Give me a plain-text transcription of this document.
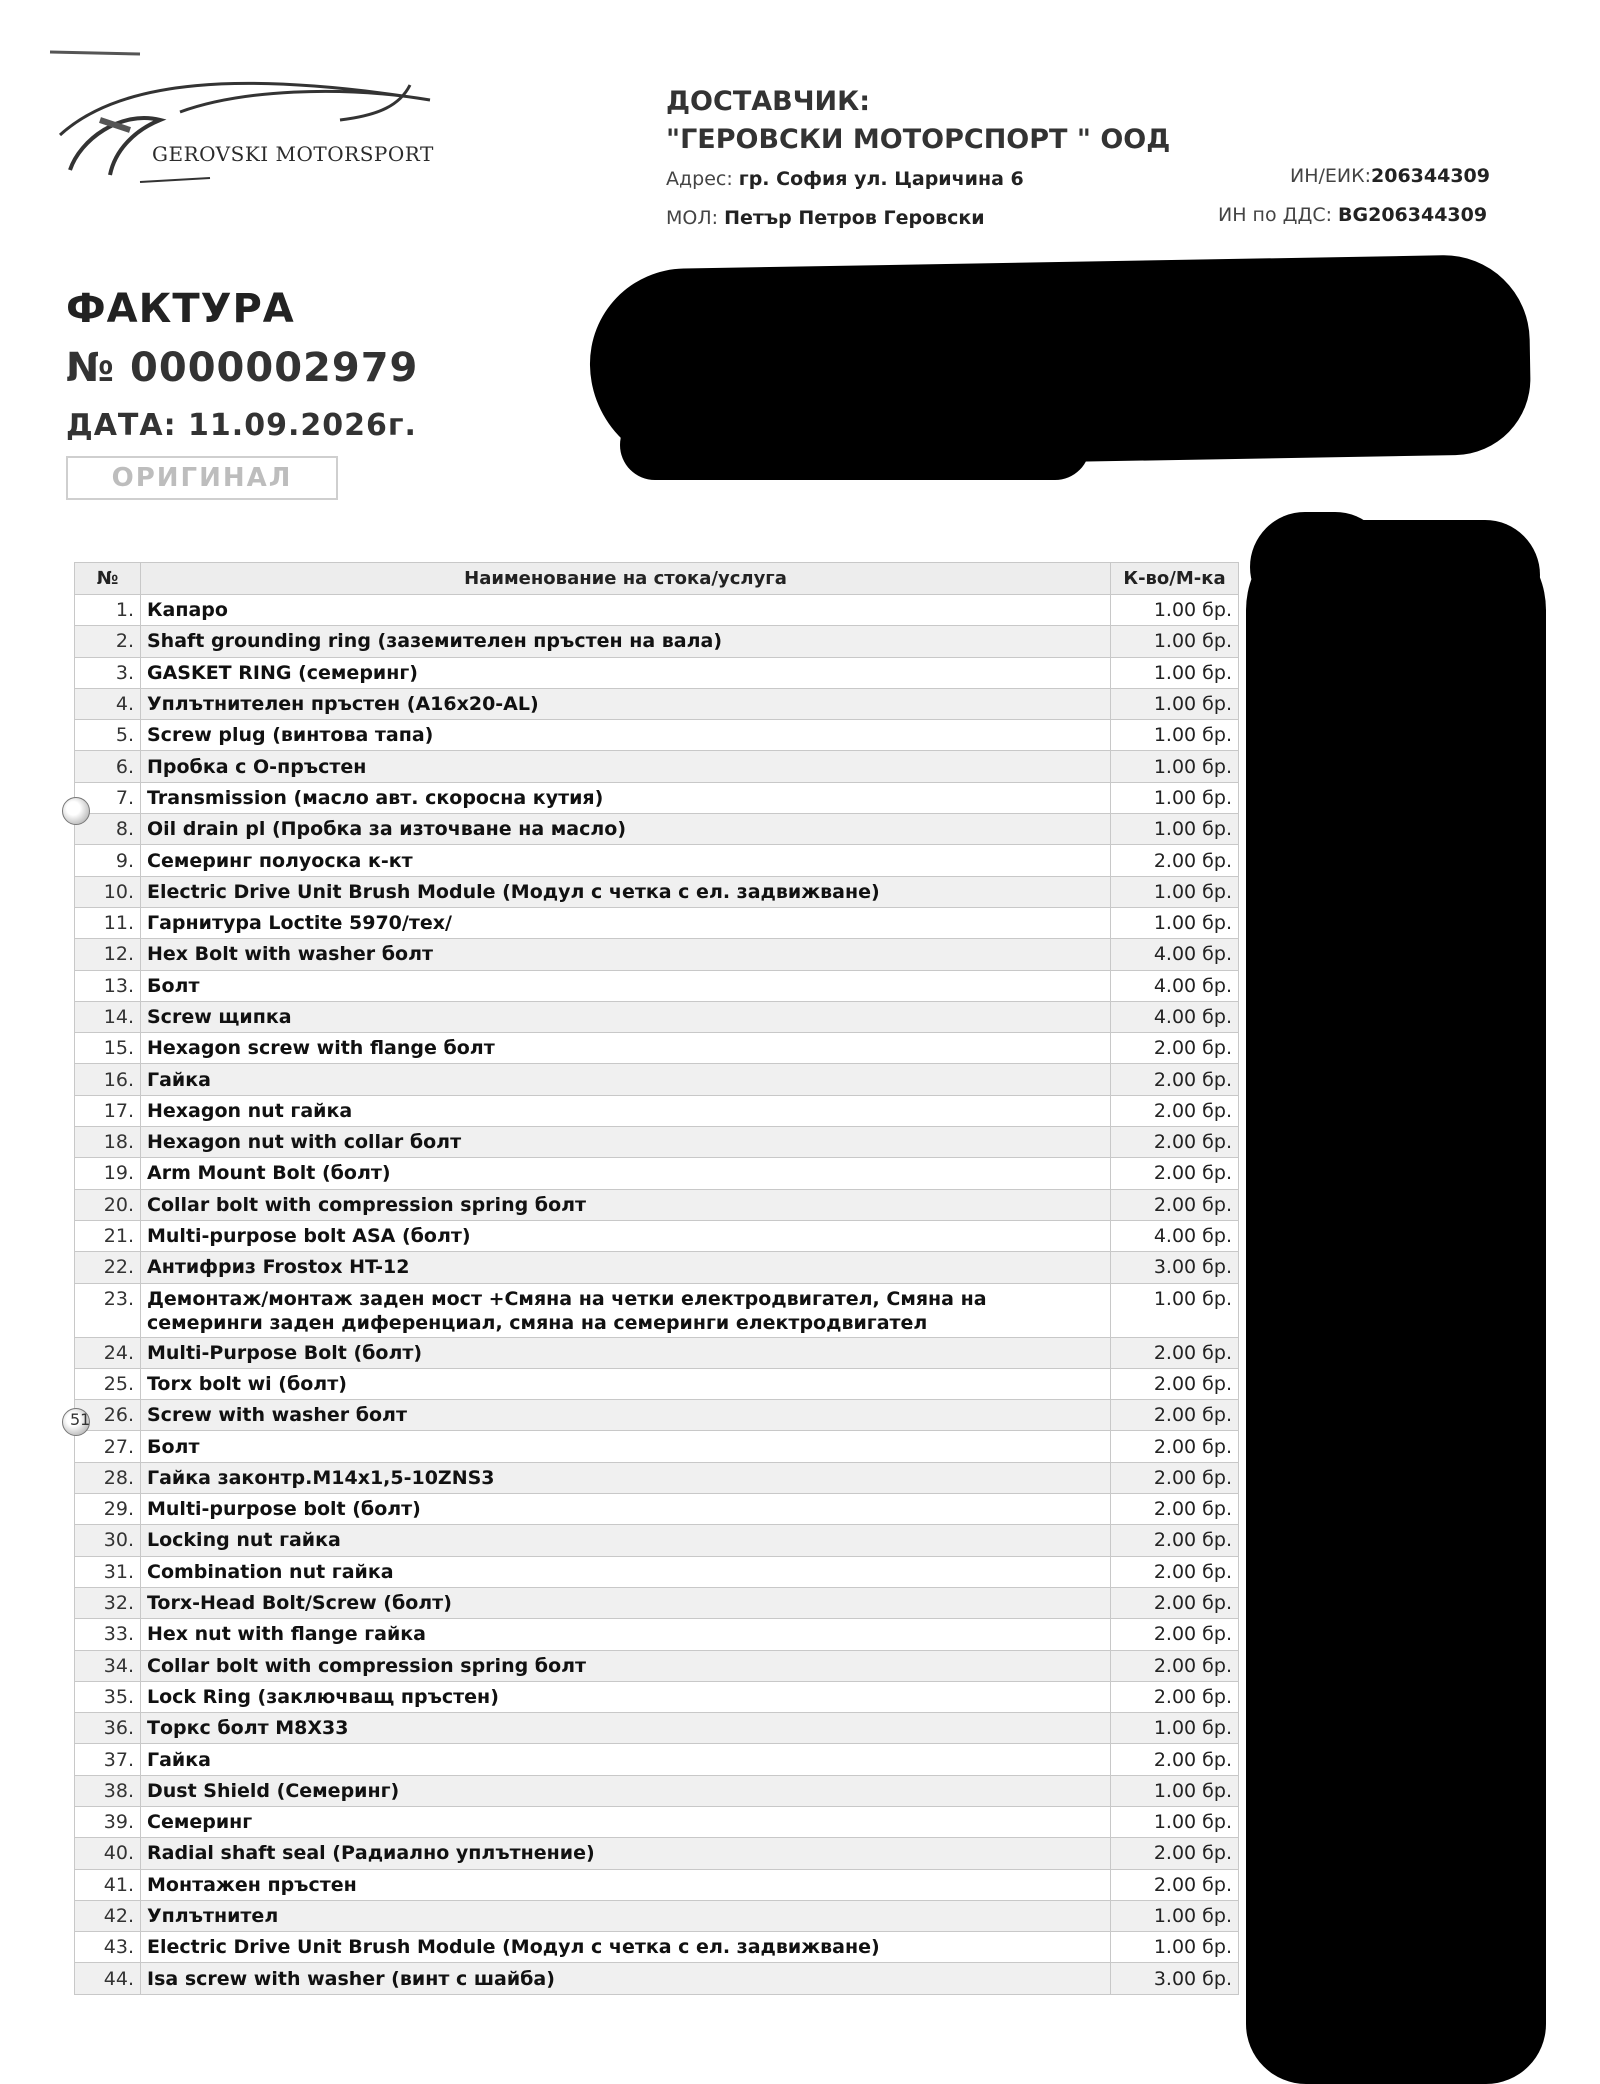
GEROVSKI MOTORSPORT
ДОСТАВЧИК:
"ГЕРОВСКИ МОТОРСПОРТ " ООД
Адрес: гр. София ул. Царичина 6
МОЛ: Петър Петров Геровски
ИН/ЕИК:206344309
ИН по ДДС: BG206344309
ФАКТУРА
№ 0000002979
ДАТА: 11.09.2026г.
ОРИГИНАЛ
№	Наименование на стока/услуга	К-во/М-ка
1.	Капаро	1.00 бр.
2.	Shaft grounding ring (заземителен пръстен на вала)	1.00 бр.
3.	GASKET RING (семеринг)	1.00 бр.
4.	Уплътнителен пръстен (A16x20-AL)	1.00 бр.
5.	Screw plug (винтова тапа)	1.00 бр.
6.	Пробка с О-пръстен	1.00 бр.
7.	Transmission (масло авт. скоросна кутия)	1.00 бр.
8.	Oil drain pl (Пробка за източване на масло)	1.00 бр.
9.	Семеринг полуоска к-кт	2.00 бр.
10.	Electric Drive Unit Brush Module (Модул с четка с ел. задвижване)	1.00 бр.
11.	Гарнитура Loctite 5970/тех/	1.00 бр.
12.	Hex Bolt with washer болт	4.00 бр.
13.	Болт	4.00 бр.
14.	Screw щипка	4.00 бр.
15.	Hexagon screw with flange болт	2.00 бр.
16.	Гайка	2.00 бр.
17.	Hexagon nut гайка	2.00 бр.
18.	Hexagon nut with collar болт	2.00 бр.
19.	Arm Mount Bolt (болт)	2.00 бр.
20.	Collar bolt with compression spring болт	2.00 бр.
21.	Multi-purpose bolt ASA (болт)	4.00 бр.
22.	Антифриз Frostox HT-12	3.00 бр.
23.	Демонтаж/монтаж заден мост +Смяна на четки електродвигател, Смяна на семеринги заден диференциал, смяна на семеринги електродвигател	1.00 бр.
24.	Multi-Purpose Bolt (болт)	2.00 бр.
25.	Torx bolt wi (болт)	2.00 бр.
26.	Screw with washer болт	2.00 бр.
27.	Болт	2.00 бр.
28.	Гайка законтр.M14x1,5-10ZNS3	2.00 бр.
29.	Multi-purpose bolt (болт)	2.00 бр.
30.	Locking nut гайка	2.00 бр.
31.	Combination nut гайка	2.00 бр.
32.	Torx-Head Bolt/Screw (болт)	2.00 бр.
33.	Hex nut with flange гайка	2.00 бр.
34.	Collar bolt with compression spring болт	2.00 бр.
35.	Lock Ring (заключващ пръстен)	2.00 бр.
36.	Торкс болт M8X33	1.00 бр.
37.	Гайка	2.00 бр.
38.	Dust Shield (Семеринг)	1.00 бр.
39.	Семеринг	1.00 бр.
40.	Radial shaft seal (Радиално уплътнение)	2.00 бр.
41.	Монтажен пръстен	2.00 бр.
42.	Уплътнител	1.00 бр.
43.	Electric Drive Unit Brush Module (Модул с четка с ел. задвижване)	1.00 бр.
44.	Isa screw with washer (винт с шайба)	3.00 бр.
51
